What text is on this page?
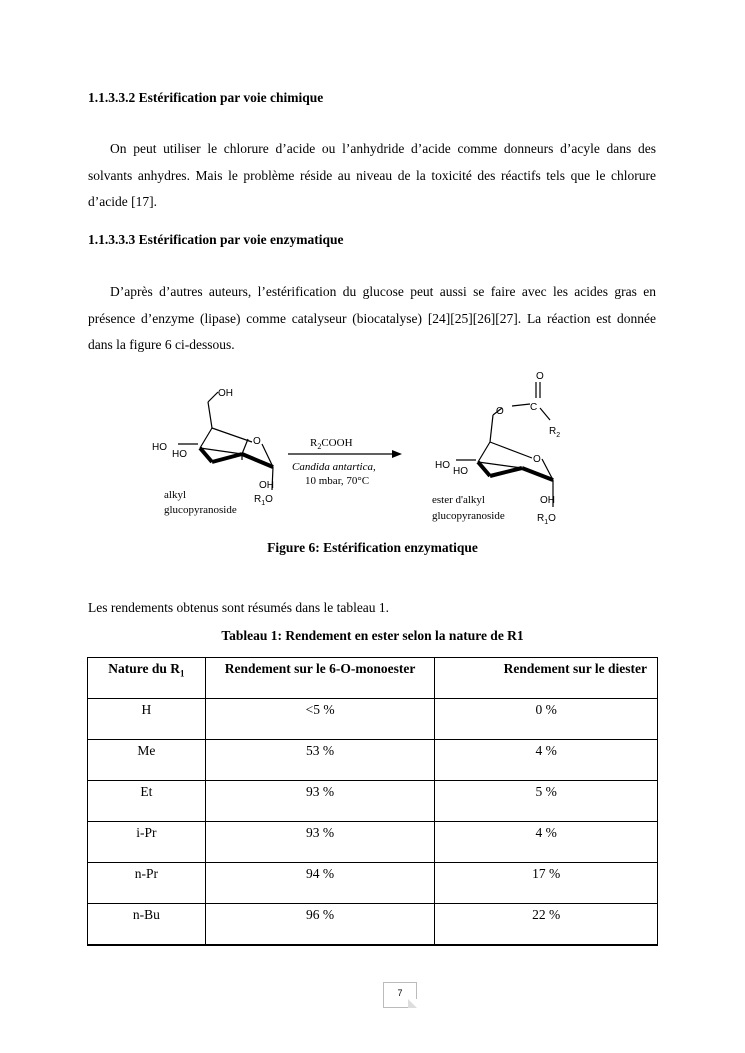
1.1.3.3.2 Estérification par voie chimique

On peut utiliser le chlorure d’acide ou l’anhydride d’acide comme donneurs d’acyle dans des solvants anhydres. Mais le problème réside au niveau de la toxicité des réactifs tels que le chlorure d’acide [17].

1.1.3.3.3 Estérification par voie enzymatique

D’après d’autres auteurs, l’estérification du glucose peut aussi se faire avec les acides gras en présence d’enzyme (lipase) comme catalyseur (biocatalyse) [24][25][26][27]. La réaction est donnée dans la figure 6 ci-dessous.

OH
HO
HO
O
OH
$R_1O$
alkyl
glucopyranoside
$R_2COOH$
Candida antartica,
10 mbar, 70°C
O
O	C
$R_2$
HO
HO
O
OH
$R_1O$
ester d'alkyl
glucopyranoside
Figure 6: Estérification enzymatique
Les rendements obtenus sont résumés dans le tableau 1.
Tableau 1: Rendement en ester selon la nature de R1
Nature du $R_1$	Rendement sur le 6-O-monoester	Rendement sur le diester
H	<5 %	0 %
Me	53 %	4 %
Et	93 %	5 %
i-Pr	93 %	4 %
n-Pr	94 %	17 %
n-Bu	96 %	22 %
7
